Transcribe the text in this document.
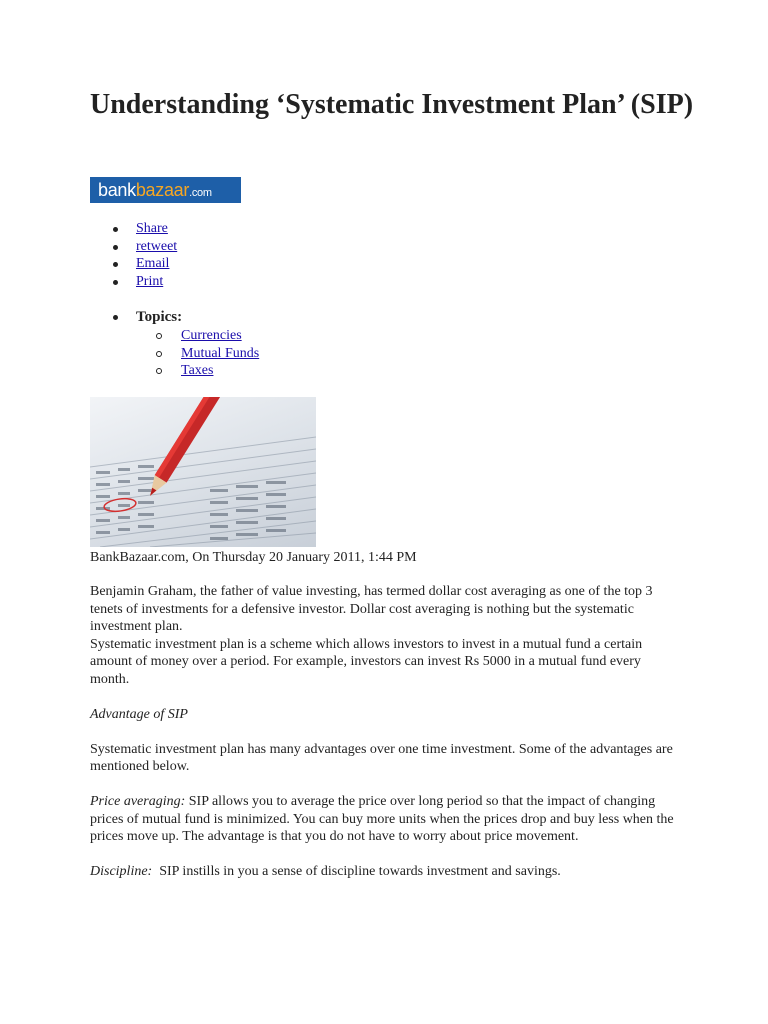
Understanding ‘Systematic Investment Plan’ (SIP)
bankbazaar.com
Share
retweet
Email
Print
Topics:
Currencies
Mutual Funds
Taxes
BankBazaar.com, On Thursday 20 January 2011, 1:44 PM

Benjamin Graham, the father of value investing, has termed dollar cost averaging as one of the top 3 tenets of investments for a defensive investor. Dollar cost averaging is nothing but the systematic investment plan.

Systematic investment plan is a scheme which allows investors to invest in a mutual fund a certain amount of money over a period. For example, investors can invest Rs 5000 in a mutual fund every month.

Advantage of SIP

Systematic investment plan has many advantages over one time investment. Some of the advantages are mentioned below.

Price averaging: SIP allows you to average the price over long period so that the impact of changing prices of mutual fund is minimized. You can buy more units when the prices drop and buy less when the prices move up. The advantage is that you do not have to worry about price movement.

Discipline:  SIP instills in you a sense of discipline towards investment and savings.
